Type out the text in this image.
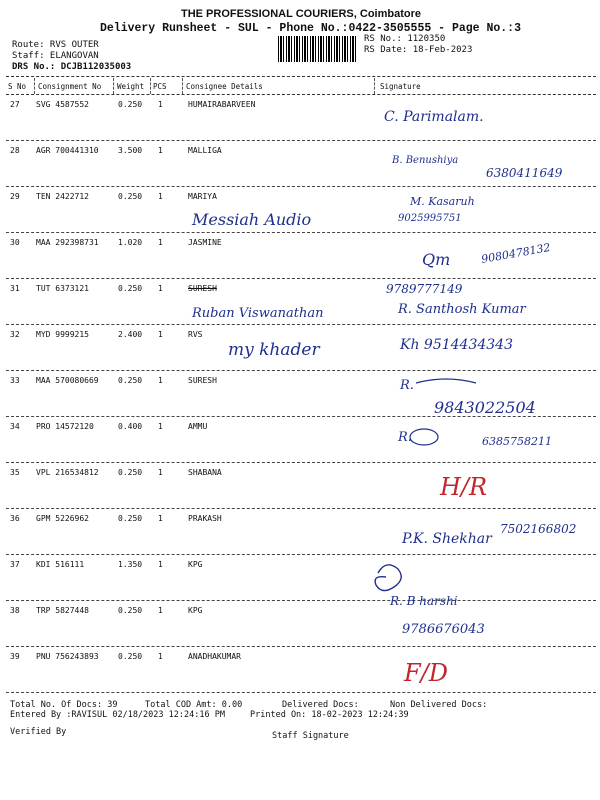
THE PROFESSIONAL COURIERS, Coimbatore
Delivery Runsheet - SUL - Phone No.:0422-3505555 - Page No.:3
Route: RVS OUTER
Staff: ELANGOVAN
DRS No.: DCJB112035003
RS No.: 1120350
RS Date: 18-Feb-2023
S No Consignment No Weight PCS	Consignee Details	Signature
27 SVG 4587552	0.250 1	HUMAIRABARVEEN
C. Parimalam.
28 AGR 700441310 3.500 1	MALLIGA
B. Benushiya
6380411649
29 TEN 2422712	0.250 1	MARIYA
Messiah Audio
M. Kasaruh
9025995751
30 MAA 292398731 1.020 1	JASMINE
Qm	9080478132
31 TUT 6373121	0.250 1	SURESH
Ruban Viswanathan
9789777149
R. Santhosh Kumar
32 MYD 9999215	2.400 1	RVS
my khader	Kh 9514434343
33 MAA 570080669 0.250 1	SURESH	R.
9843022504
34 PRO 14572120	0.400 1	AMMU
R.	6385758211
35 VPL 216534812 0.250 1	SHABANA
H/R
36 GPM 5226962	0.250 1	PRAKASH
P.K. Shekhar
7502166802
37 KDI 516111	1.350 1	KPG
38 TRP 5827448	0.250 1	KPG
R. B harshi
9786676043
39 PNU 756243893 0.250 1	ANADHAKUMAR
F/D
Total No. Of Docs: 39	Total COD Amt: 0.00	Delivered Docs:	Non Delivered Docs:
Entered By :RAVISUL 02/18/2023 12:24:16 PM	Printed On: 18-02-2023 12:24:39
Verified By	Staff Signature
